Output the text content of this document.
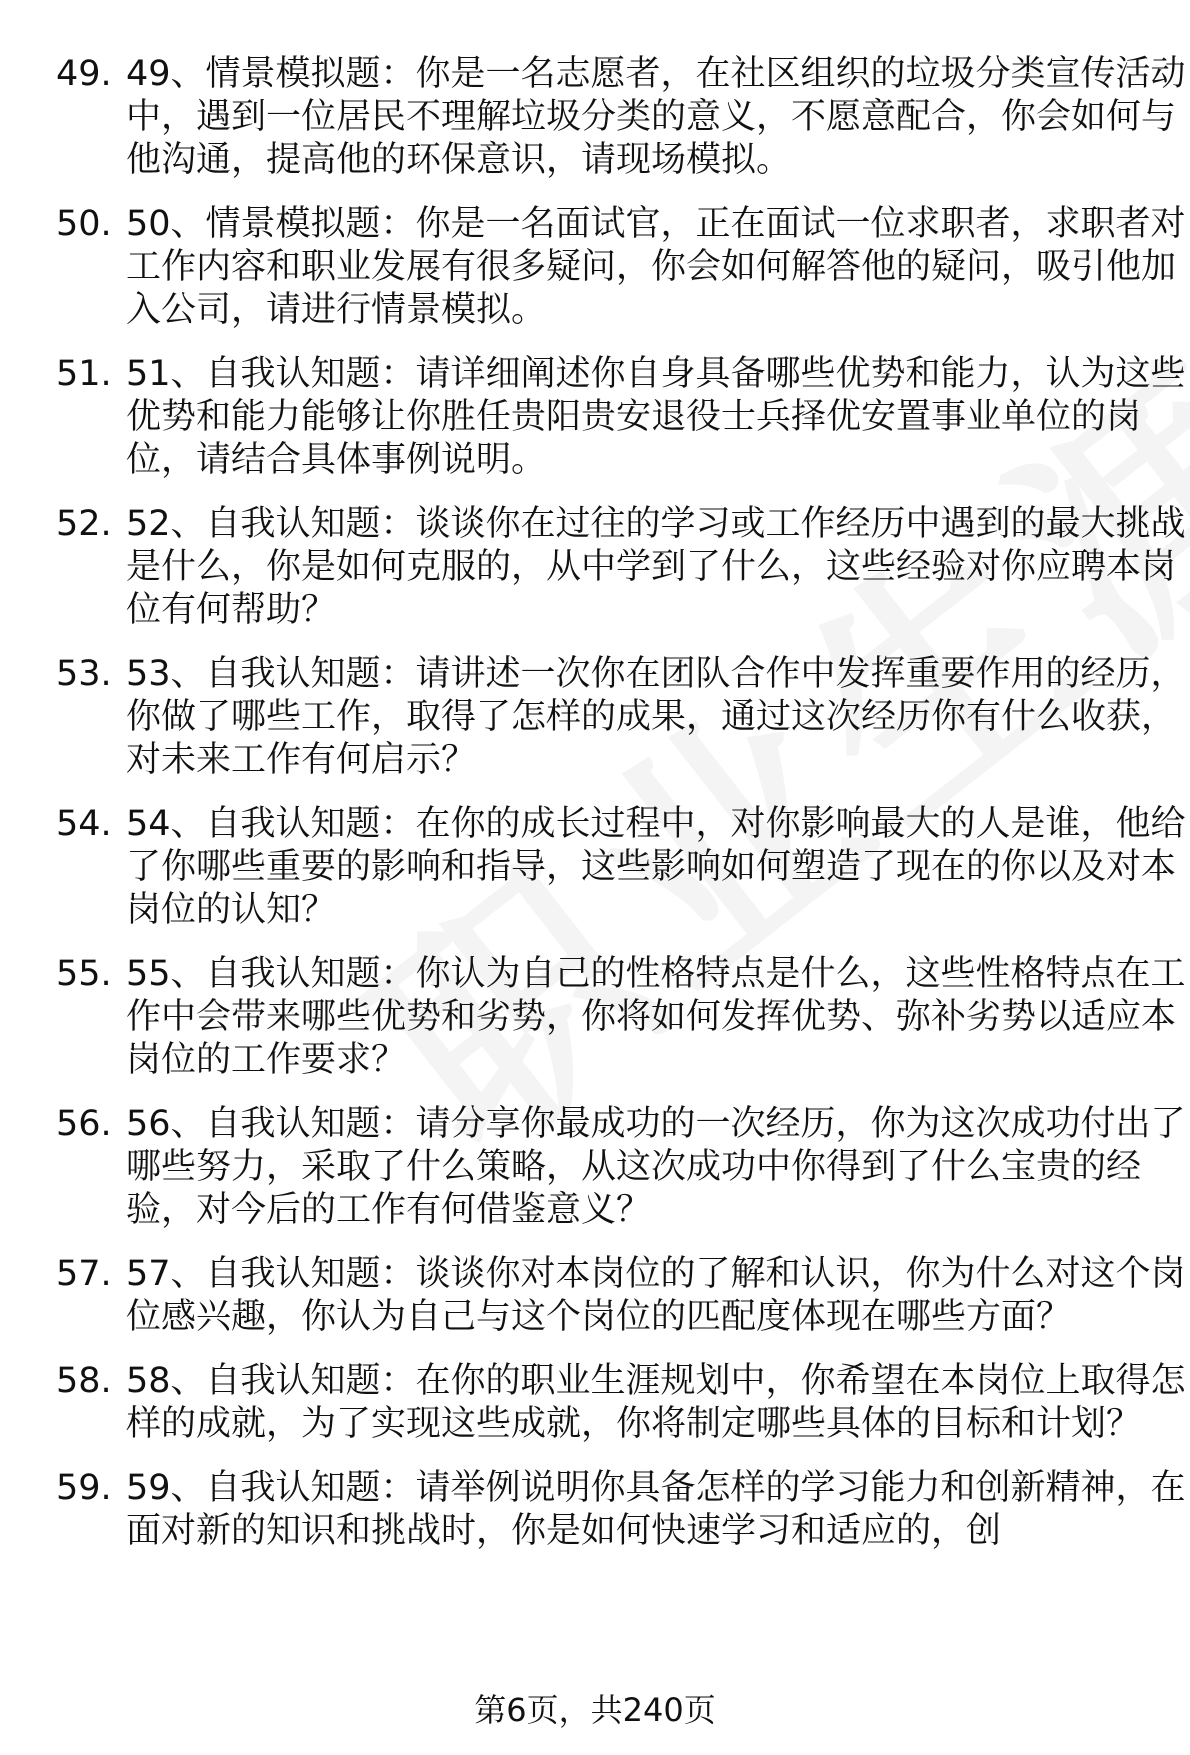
49. 49、情景模拟题：你是一名志愿者，在社区组织的垃圾分类宣传活动中，遇到一位居民不理解垃圾分类的意义，不愿意配合，你会如何与他沟通，提高他的环保意识，请现场模拟。
50. 50、情景模拟题：你是一名面试官，正在面试一位求职者，求职者对工作内容和职业发展有很多疑问，你会如何解答他的疑问，吸引他加入公司，请进行情景模拟。
51. 51、自我认知题：请详细阐述你自身具备哪些优势和能力，认为这些优势和能力能够让你胜任贵阳贵安退役士兵择优安置事业单位的岗位，请结合具体事例说明。
52. 52、自我认知题：谈谈你在过往的学习或工作经历中遇到的最大挑战是什么，你是如何克服的，从中学到了什么，这些经验对你应聘本岗位有何帮助？
53. 53、自我认知题：请讲述一次你在团队合作中发挥重要作用的经历，你做了哪些工作，取得了怎样的成果，通过这次经历你有什么收获，对未来工作有何启示？
54. 54、自我认知题：在你的成长过程中，对你影响最大的人是谁，他给了你哪些重要的影响和指导，这些影响如何塑造了现在的你以及对本岗位的认知？
55. 55、自我认知题：你认为自己的性格特点是什么，这些性格特点在工作中会带来哪些优势和劣势，你将如何发挥优势、弥补劣势以适应本岗位的工作要求？
56. 56、自我认知题：请分享你最成功的一次经历，你为这次成功付出了哪些努力，采取了什么策略，从这次成功中你得到了什么宝贵的经验，对今后的工作有何借鉴意义？
57. 57、自我认知题：谈谈你对本岗位的了解和认识，你为什么对这个岗位感兴趣，你认为自己与这个岗位的匹配度体现在哪些方面？
58. 58、自我认知题：在你的职业生涯规划中，你希望在本岗位上取得怎样的成就，为了实现这些成就，你将制定哪些具体的目标和计划？
59. 59、自我认知题：请举例说明你具备怎样的学习能力和创新精神，在面对新的知识和挑战时，你是如何快速学习和适应的，创
第6页，共240页
